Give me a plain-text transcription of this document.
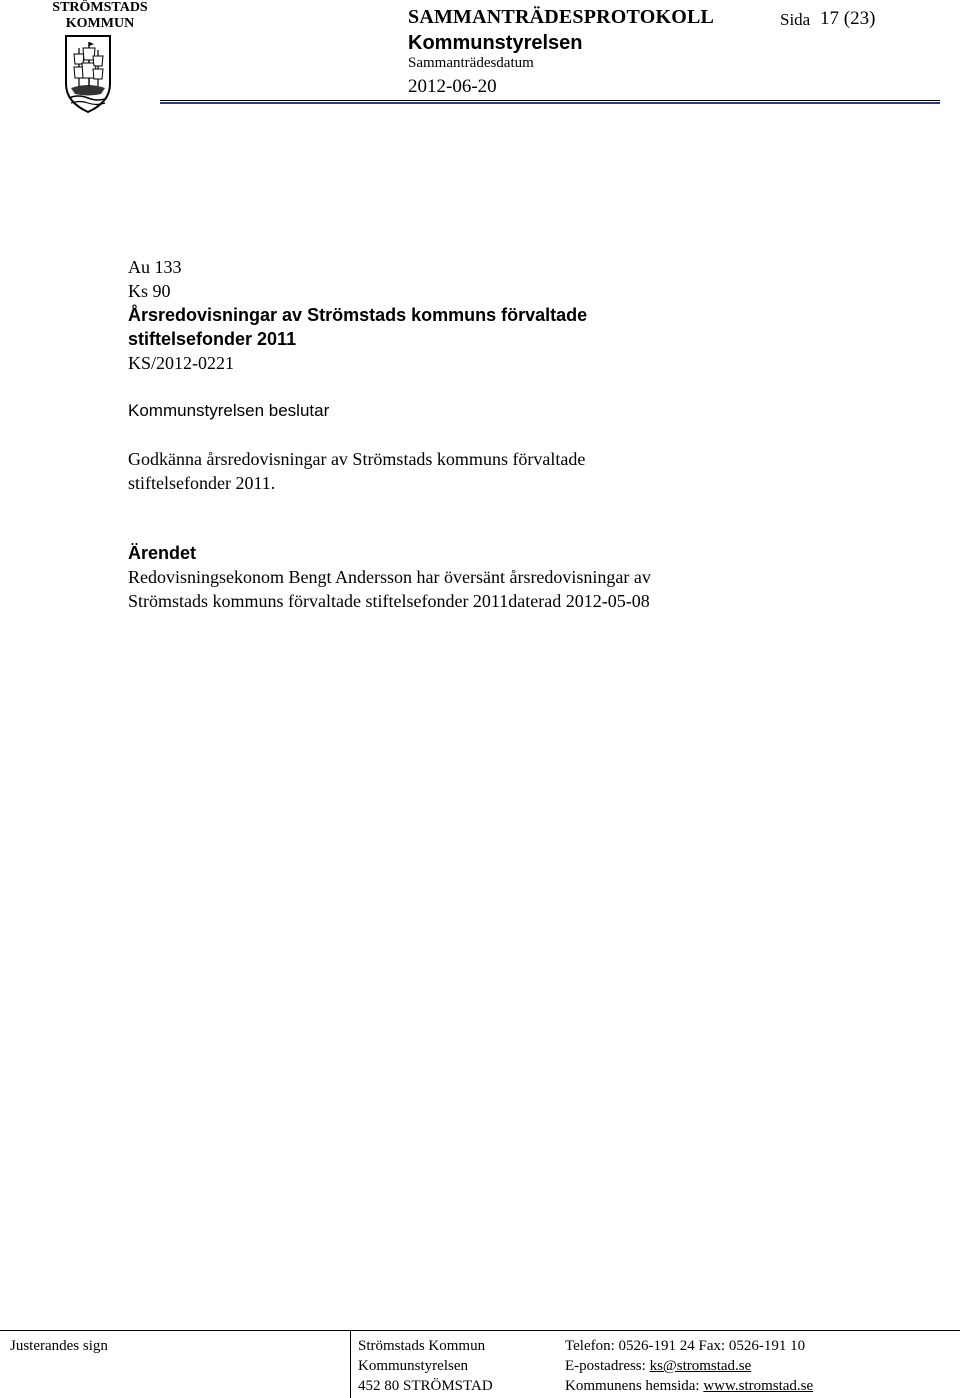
STRÖMSTADS
KOMMUN	SAMMANTRÄDESPROTOKOLL	Sida 17 (23)
Kommunstyrelsen
Sammanträdesdatum
2012-06-20
Au 133
Ks 90
Årsredovisningar av Strömstads kommuns förvaltade
stiftelsefonder 2011
KS/2012-0221
Kommunstyrelsen beslutar
Godkänna årsredovisningar av Strömstads kommuns förvaltade
stiftelsefonder 2011.
Ärendet
Redovisningsekonom Bengt Andersson har översänt årsredovisningar av
Strömstads kommuns förvaltade stiftelsefonder 2011daterad 2012-05-08
Justerandes sign	Strömstads Kommun
Kommunstyrelsen
452 80 STRÖMSTAD
Telefon: 0526-191 24 Fax: 0526-191 10
E-postadress: ks@stromstad.se
Kommunens hemsida: www.stromstad.se
